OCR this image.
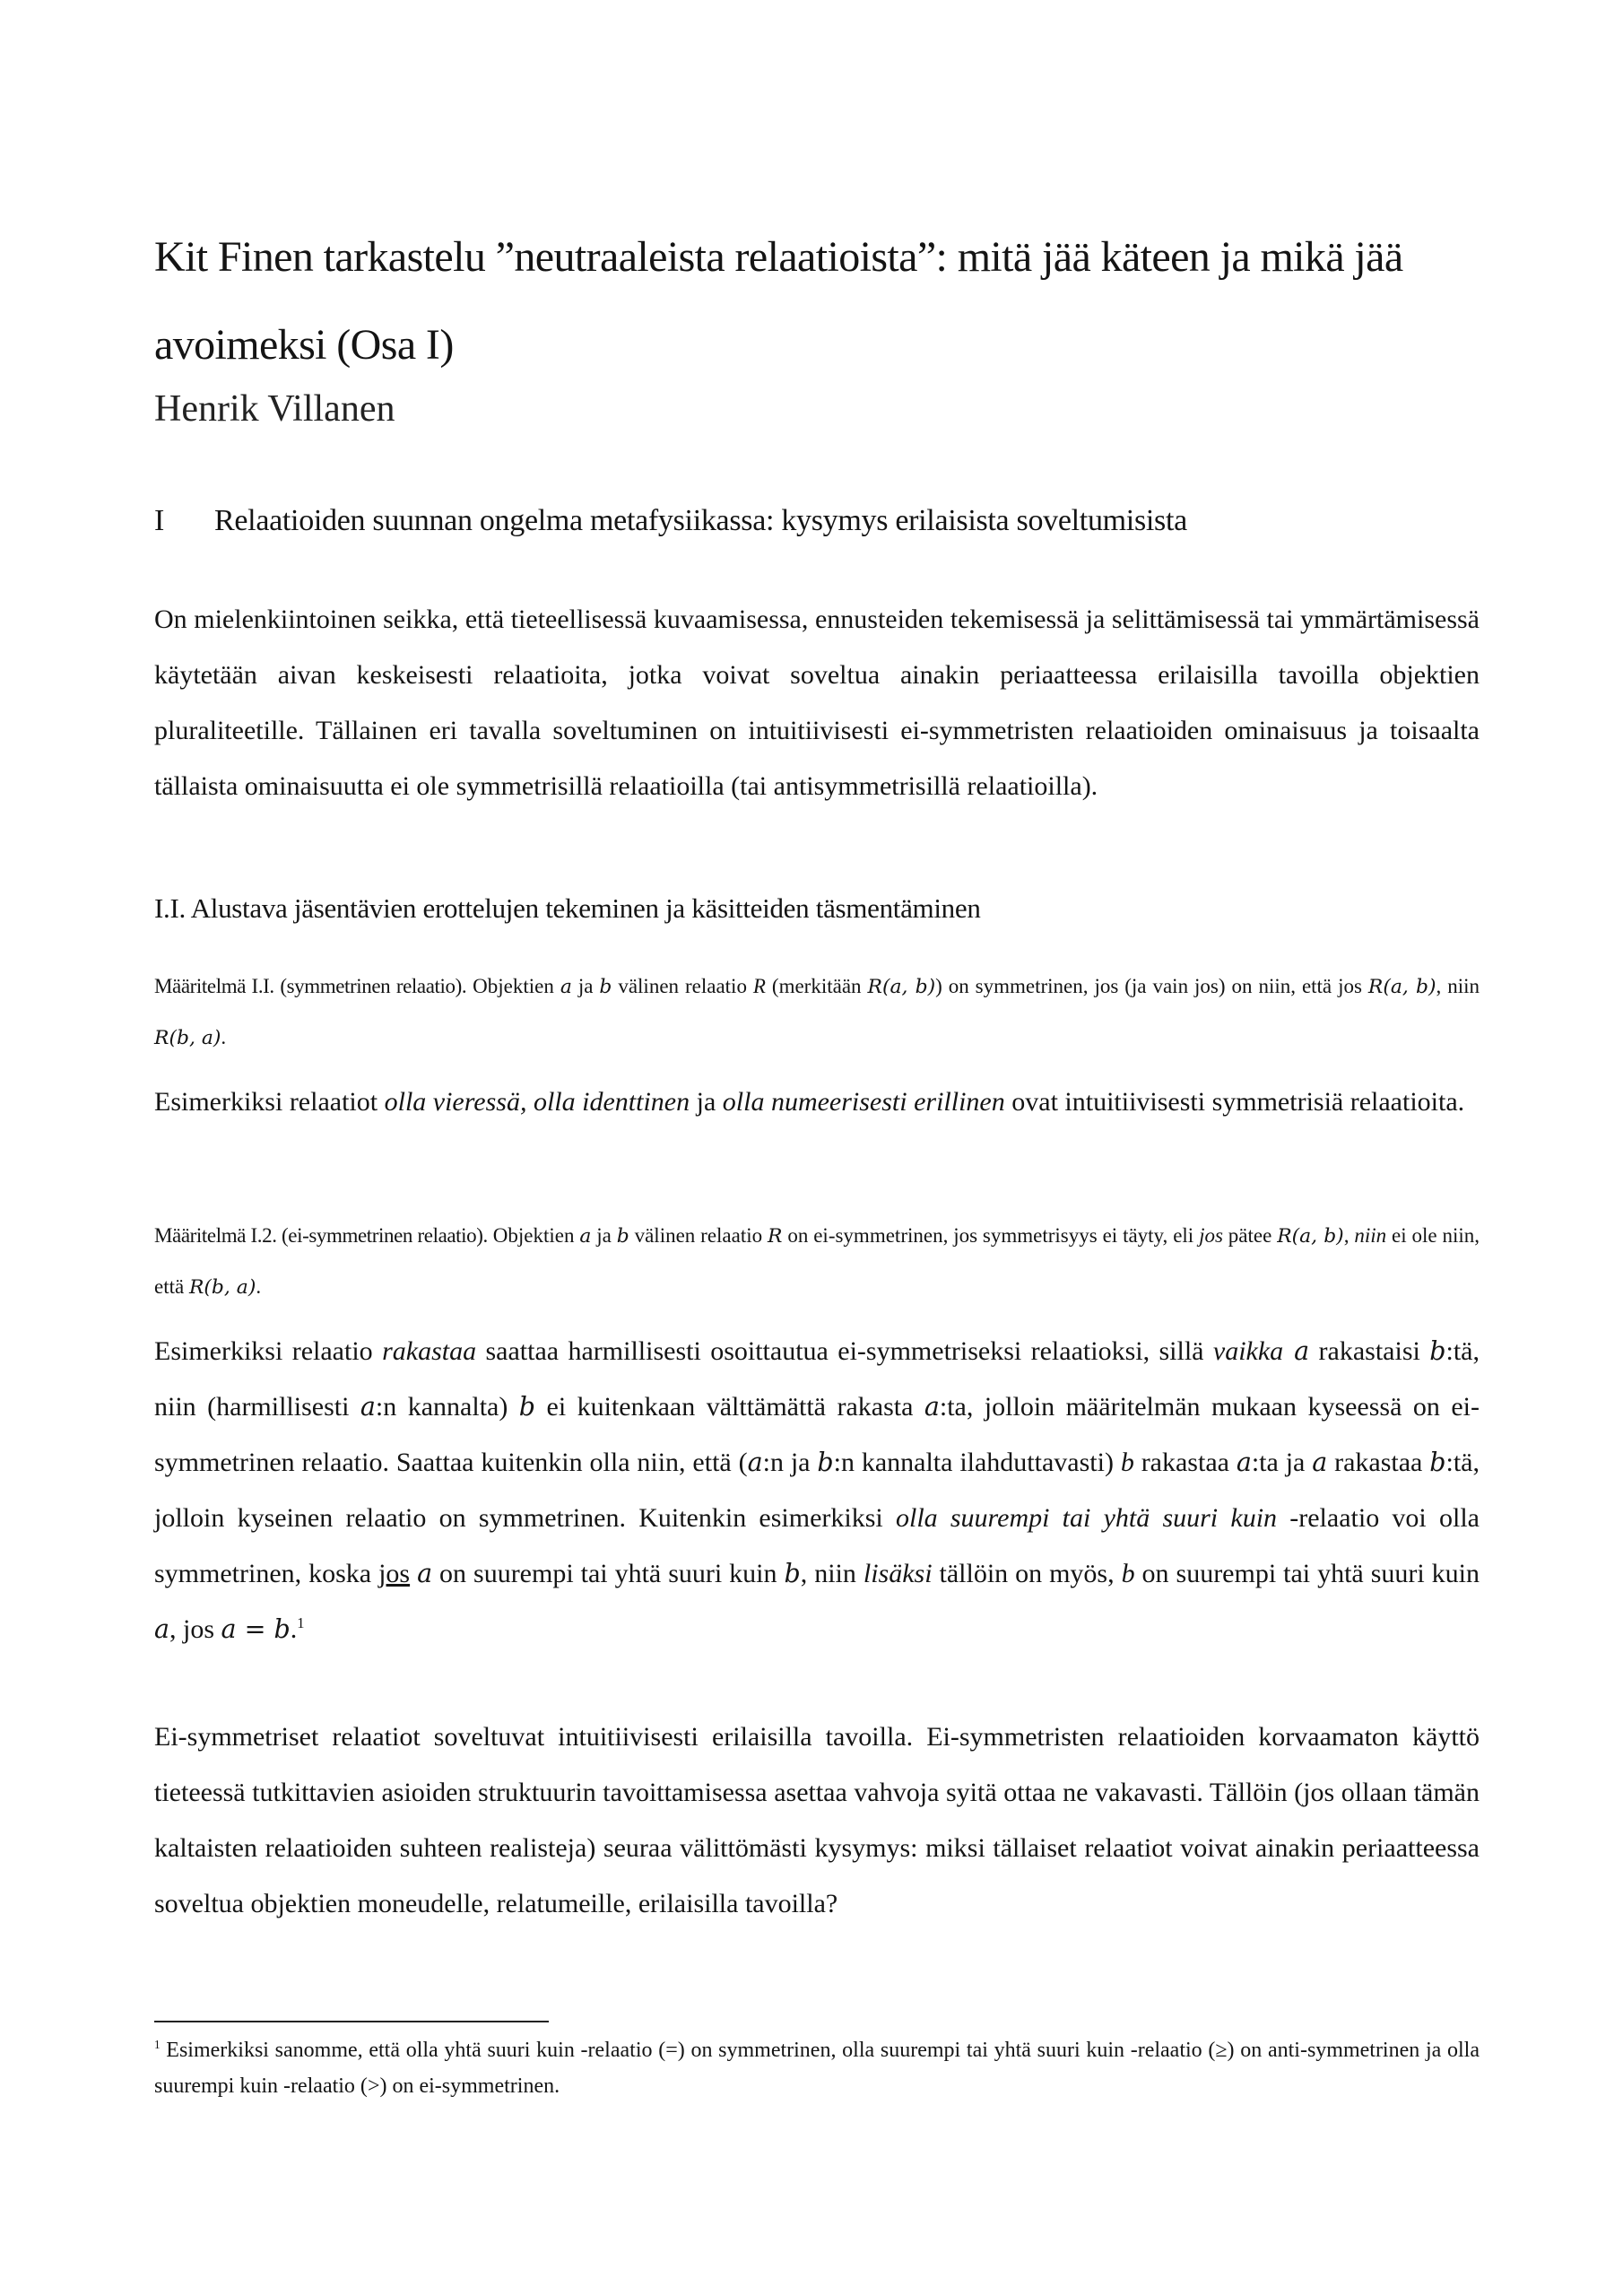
Kit Finen tarkastelu ”neutraaleista relaatioista”: mitä jää käteen ja mikä jää avoimeksi (Osa I)
Henrik Villanen
I Relaatioiden suunnan ongelma metafysiikassa: kysymys erilaisista soveltumisista

On mielenkiintoinen seikka, että tieteellisessä kuvaamisessa, ennusteiden tekemisessä ja selittämisessä tai ymmärtämisessä käytetään aivan keskeisesti relaatioita, jotka voivat soveltua ainakin periaatteessa erilaisilla tavoilla objektien pluraliteetille. Tällainen eri tavalla soveltuminen on intuitiivisesti ei-symmetristen relaatioiden ominaisuus ja toisaalta tällaista ominaisuutta ei ole symmetrisillä relaatioilla (tai antisymmetrisillä relaatioilla).

I.I. Alustava jäsentävien erottelujen tekeminen ja käsitteiden täsmentäminen

Määritelmä I.I. (symmetrinen relaatio). Objektien 𝑎 ja 𝑏 välinen relaatio R (merkitään 𝑅(𝑎, 𝑏)) on symmetrinen, jos (ja vain jos) on niin, että jos 𝑅(𝑎, 𝑏), niin 𝑅(𝑏, 𝑎).

Esimerkiksi relaatiot olla vieressä, olla identtinen ja olla numeerisesti erillinen ovat intuitiivisesti symmetrisiä relaatioita.

Määritelmä I.2. (ei-symmetrinen relaatio). Objektien 𝑎 ja 𝑏 välinen relaatio 𝑅 on ei-symmetrinen, jos symmetrisyys ei täyty, eli jos pätee 𝑅(𝑎, 𝑏), niin ei ole niin, että 𝑅(𝑏, 𝑎).

Esimerkiksi relaatio rakastaa saattaa harmillisesti osoittautua ei-symmetriseksi relaatioksi, sillä vaikka 𝑎 rakastaisi 𝑏:tä, niin (harmillisesti 𝑎:n kannalta) 𝑏 ei kuitenkaan välttämättä rakasta 𝑎:ta, jolloin määritelmän mukaan kyseessä on ei-symmetrinen relaatio. Saattaa kuitenkin olla niin, että (𝑎:n ja 𝑏:n kannalta ilahduttavasti) b rakastaa 𝑎:ta ja 𝑎 rakastaa 𝑏:tä, jolloin kyseinen relaatio on symmetrinen. Kuitenkin esimerkiksi olla suurempi tai yhtä suuri kuin -relaatio voi olla symmetrinen, koska jos 𝑎 on suurempi tai yhtä suuri kuin 𝑏, niin lisäksi tällöin on myös, b on suurempi tai yhtä suuri kuin 𝑎, jos 𝑎 = 𝑏.$^1$

Ei-symmetriset relaatiot soveltuvat intuitiivisesti erilaisilla tavoilla. Ei-symmetristen relaatioiden korvaamaton käyttö tieteessä tutkittavien asioiden struktuurin tavoittamisessa asettaa vahvoja syitä ottaa ne vakavasti. Tällöin (jos ollaan tämän kaltaisten relaatioiden suhteen realisteja) seuraa välittömästi kysymys: miksi tällaiset relaatiot voivat ainakin periaatteessa soveltua objektien moneudelle, relatumeille, erilaisilla tavoilla?

$^1$ Esimerkiksi sanomme, että olla yhtä suuri kuin -relaatio (=) on symmetrinen, olla suurempi tai yhtä suuri kuin -relaatio (≥) on anti-symmetrinen ja olla suurempi kuin -relaatio (>) on ei-symmetrinen.
